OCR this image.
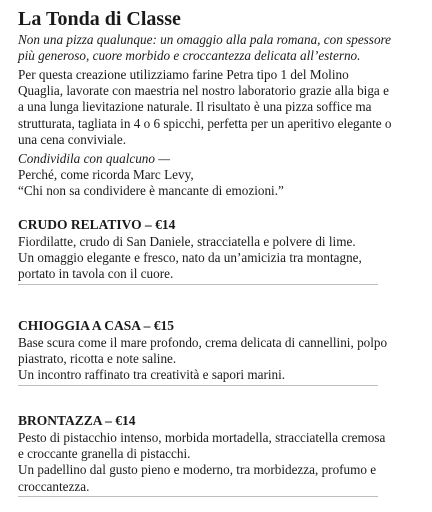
La Tonda di Classe
Non una pizza qualunque: un omaggio alla pala romana, con spessore
più generoso, cuore morbido e croccantezza delicata all’esterno.
Per questa creazione utilizziamo farine Petra tipo 1 del Molino
Quaglia, lavorate con maestria nel nostro laboratorio grazie alla biga e
a una lunga lievitazione naturale. Il risultato è una pizza soffice ma
strutturata, tagliata in 4 o 6 spicchi, perfetta per un aperitivo elegante o
una cena conviviale.
Condividila con qualcuno —
Perché, come ricorda Marc Levy,
“Chi non sa condividere è mancante di emozioni.”
CRUDO RELATIVO – €14
Fiordilatte, crudo di San Daniele, stracciatella e polvere di lime.
Un omaggio elegante e fresco, nato da un’amicizia tra montagne,
portato in tavola con il cuore.
CHIOGGIA A CASA – €15
Base scura come il mare profondo, crema delicata di cannellini, polpo
piastrato, ricotta e note saline.
Un incontro raffinato tra creatività e sapori marini.
BRONTAZZA – €14
Pesto di pistacchio intenso, morbida mortadella, stracciatella cremosa
e croccante granella di pistacchi.
Un padellino dal gusto pieno e moderno, tra morbidezza, profumo e
croccantezza.
